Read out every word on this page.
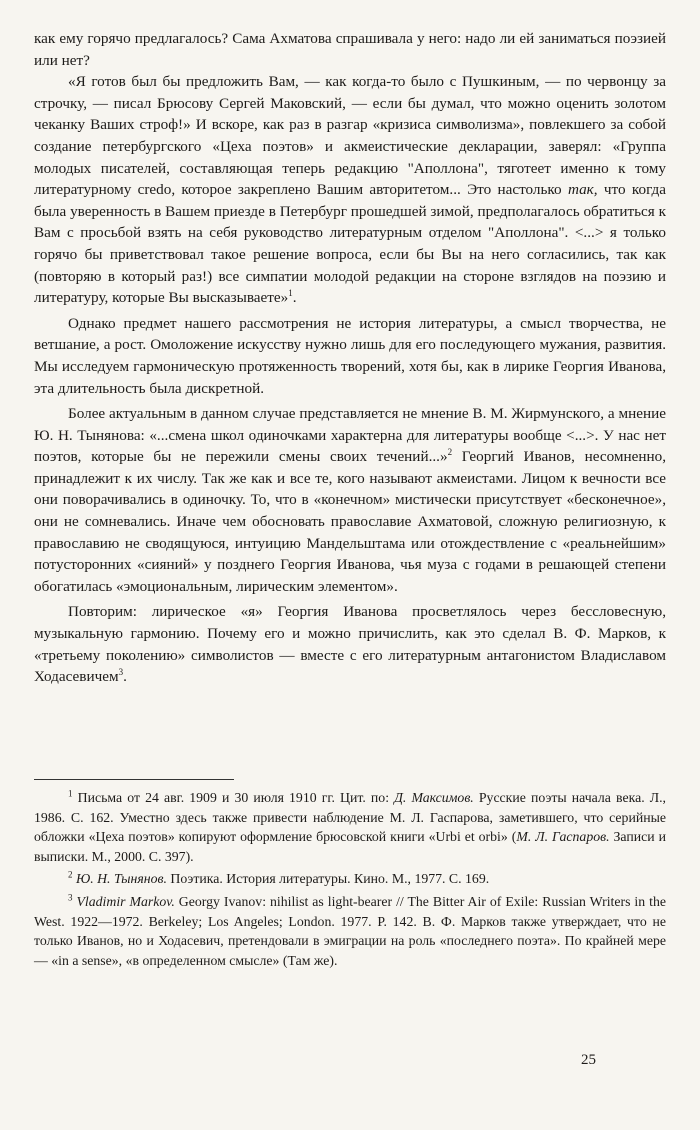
как ему горячо предлагалось? Сама Ахматова спрашивала у него: надо ли ей заниматься поэзией или нет?

«Я готов был бы предложить Вам, — как когда-то было с Пушкиным, — по червонцу за строчку, — писал Брюсову Сергей Маковский, — если бы думал, что можно оценить золотом чеканку Ваших строф!» И вскоре, как раз в разгар «кризиса символизма», повлекшего за собой создание петербургского «Цеха поэтов» и акмеистические декларации, заверял: «Группа молодых писателей, составляющая теперь редакцию "Аполлона", тяготеет именно к тому литературному credo, которое закреплено Вашим авторитетом... Это настолько так, что когда была уверенность в Вашем приезде в Петербург прошедшей зимой, предполагалось обратиться к Вам с просьбой взять на себя руководство литературным отделом "Аполлона". <...> я только горячо бы приветствовал такое решение вопроса, если бы Вы на него согласились, так как (повторяю в который раз!) все симпатии молодой редакции на стороне взглядов на поэзию и литературу, которые Вы высказываете»$^1$.

Однако предмет нашего рассмотрения не история литературы, а смысл творчества, не ветшание, а рост. Омоложение искусству нужно лишь для его последующего мужания, развития. Мы исследуем гармоническую протяженность творений, хотя бы, как в лирике Георгия Иванова, эта длительность была дискретной.

Более актуальным в данном случае представляется не мнение В. М. Жирмунского, а мнение Ю. Н. Тынянова: «...смена школ одиночками характерна для литературы вообще <...>. У нас нет поэтов, которые бы не пережили смены своих течений...»$^2$ Георгий Иванов, несомненно, принадлежит к их числу. Так же как и все те, кого называют акмеистами. Лицом к вечности все они поворачивались в одиночку. То, что в «конечном» мистически присутствует «бесконечное», они не сомневались. Иначе чем обосновать православие Ахматовой, сложную религиозную, к православию не сводящуюся, интуицию Мандельштама или отождествление с «реальнейшим» потусторонних «сияний» у позднего Георгия Иванова, чья муза с годами в решающей степени обогатилась «эмоциональным, лирическим элементом».

Повторим: лирическое «я» Георгия Иванова просветлялось через бессловесную, музыкальную гармонию. Почему его и можно причислить, как это сделал В. Ф. Марков, к «третьему поколению» символистов — вместе с его литературным антагонистом Владиславом Ходасевичем$^3$.

$^1$ Письма от 24 авг. 1909 и 30 июля 1910 гг. Цит. по: Д. Максимов. Русские поэты начала века. Л., 1986. С. 162. Уместно здесь также привести наблюдение М. Л. Гаспарова, заметившего, что серийные обложки «Цеха поэтов» копируют оформление брюсовской книги «Urbi et orbi» (М. Л. Гаспаров. Записи и выписки. М., 2000. С. 397).

$^2$ Ю. Н. Тынянов. Поэтика. История литературы. Кино. М., 1977. С. 169.

$^3$ Vladimir Markov. Georgy Ivanov: nihilist as light-bearer // The Bitter Air of Exile: Russian Writers in the West. 1922—1972. Berkeley; Los Angeles; London. 1977. P. 142. В. Ф. Марков также утверждает, что не только Иванов, но и Ходасевич, претендовали в эмиграции на роль «последнего поэта». По крайней мере — «in a sense», «в определенном смысле» (Там же).

25
